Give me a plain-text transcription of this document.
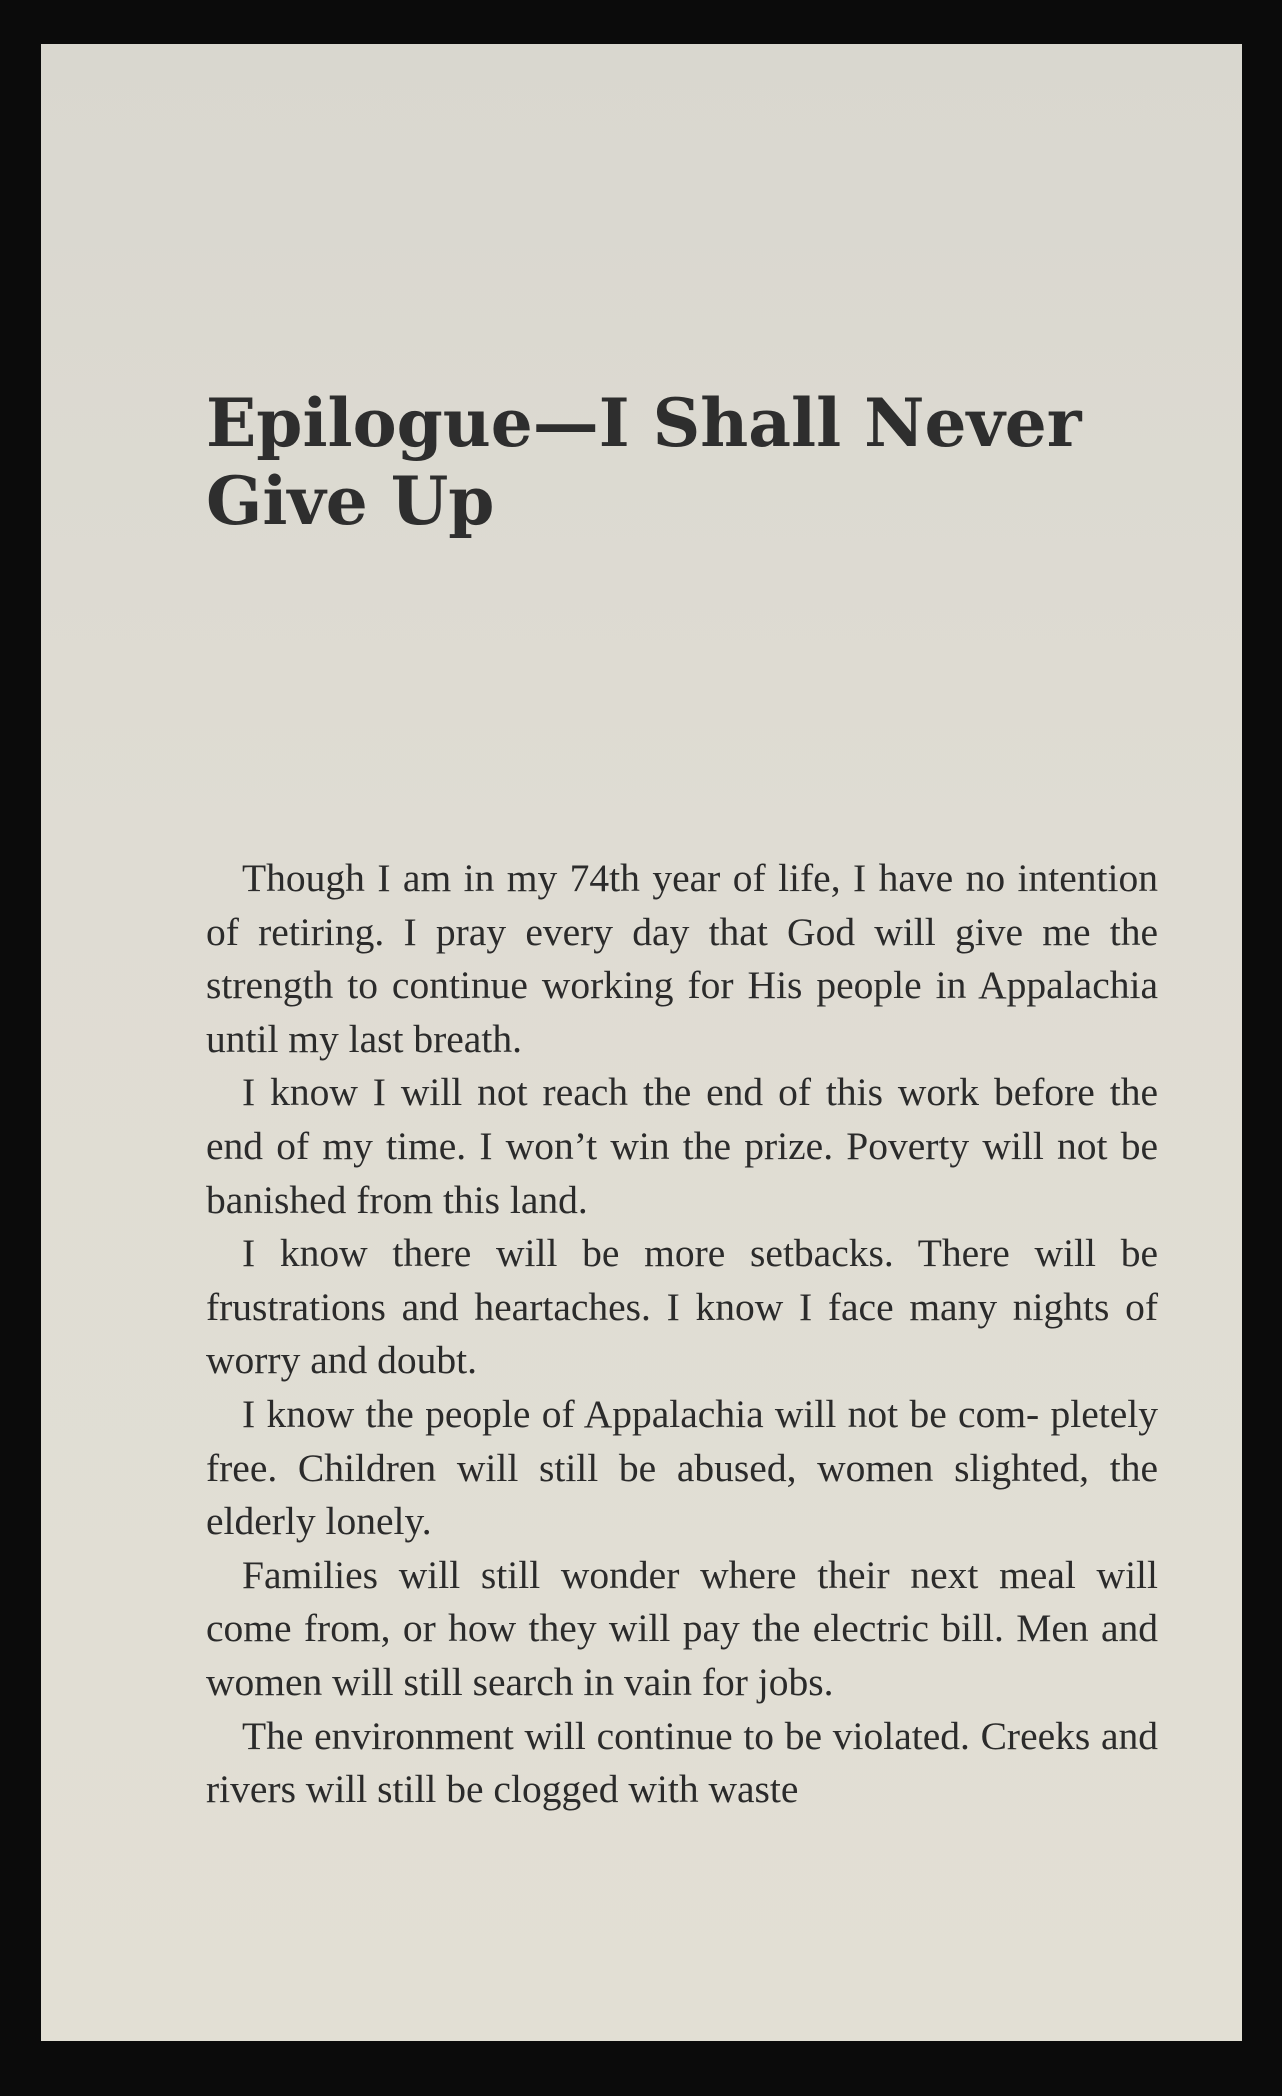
Epilogue—I Shall Never
Give Up

Though I am in my 74th year of life, I have no intention of retiring. I pray every day that God will give me the strength to continue working for His people in Appalachia until my last breath.

I know I will not reach the end of this work before the end of my time. I won’t win the prize. Poverty will not be banished from this land.

I know there will be more setbacks. There will be frustrations and heartaches. I know I face many nights of worry and doubt.

I know the people of Appalachia will not be com- pletely free. Children will still be abused, women slighted, the elderly lonely.

Families will still wonder where their next meal will come from, or how they will pay the electric bill. Men and women will still search in vain for jobs.

The environment will continue to be violated. Creeks and rivers will still be clogged with waste
